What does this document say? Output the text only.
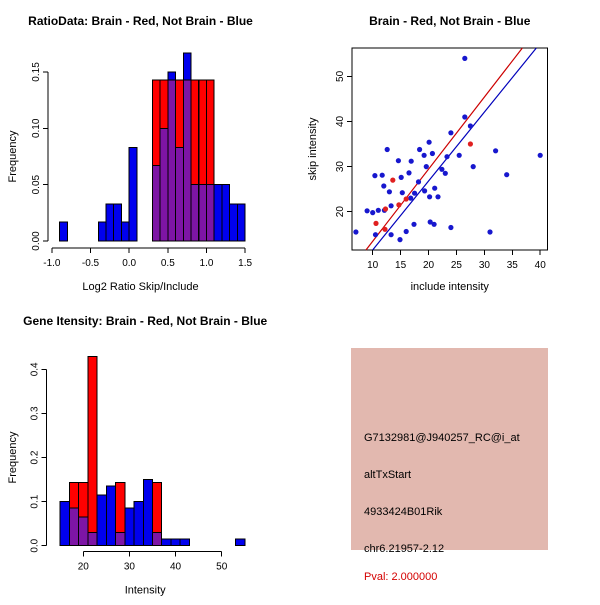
0.00
0.05
0.10
0.15
-1.0 -0.5 0.0 0.5 1.0 1.5
RatioData: Brain - Red, Not Brain - Blue
Log2 Ratio Skip/Include
Frequency
10 15 20 25 30 35 40
20
30
40
50
Brain - Red, Not Brain - Blue
include intensity
skip intensity
0.0
0.1
0.2
0.3
0.4
20	30	40	50
Gene Itensity: Brain - Red, Not Brain - Blue
Intensity
Frequency	G7132981@J940257_RC@i_at
altTxStart
4933424B01Rik
chr6.21957-2.12
Pval: 2.000000
